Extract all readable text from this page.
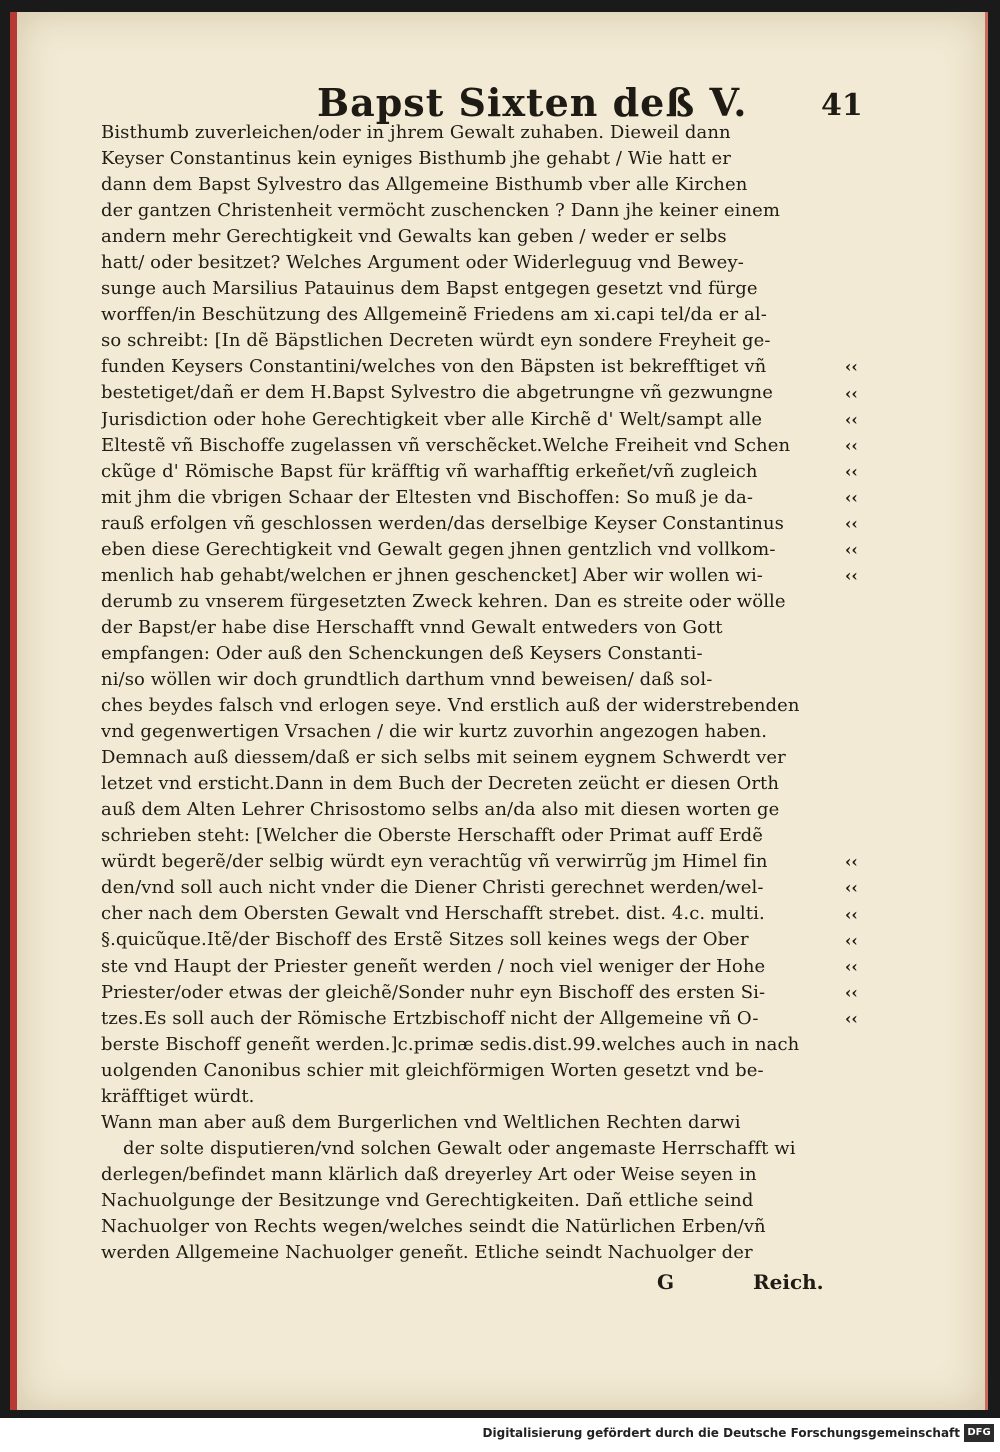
Bapst Sixten deß V. 41
Bisthumb zuverleichen/oder in jhrem Gewalt zuhaben. Dieweil dann
Keyser Constantinus kein eyniges Bisthumb jhe gehabt / Wie hatt er
dann dem Bapst Sylvestro das Allgemeine Bisthumb vber alle Kirchen
der gantzen Christenheit vermöcht zuschencken ? Dann jhe keiner einem
andern mehr Gerechtigkeit vnd Gewalts kan geben / weder er selbs
hatt/ oder besitzet? Welches Argument oder Widerleguug vnd Bewey-
sunge auch Marsilius Patauinus dem Bapst entgegen gesetzt vnd fürge
worffen/in Beschützung des Allgemeinẽ Friedens am xi.capi tel/da er al-
so schreibt: [In dẽ Bäpstlichen Decreten würdt eyn sondere Freyheit ge-
funden Keysers Constantini/welches von den Bäpsten ist bekrefftiget vñ
bestetiget/dañ er dem H.Bapst Sylvestro die abgetrungne vñ gezwungne
Jurisdiction oder hohe Gerechtigkeit vber alle Kirchẽ d' Welt/sampt alle
Eltestẽ vñ Bischoffe zugelassen vñ verschẽcket.Welche Freiheit vnd Schen
ckũge d' Römische Bapst für kräfftig vñ warhafftig erkeñet/vñ zugleich
mit jhm die vbrigen Schaar der Eltesten vnd Bischoffen: So muß je da-
rauß erfolgen vñ geschlossen werden/das derselbige Keyser Constantinus
eben diese Gerechtigkeit vnd Gewalt gegen jhnen gentzlich vnd vollkom-
menlich hab gehabt/welchen er jhnen geschencket] Aber wir wollen wi-
derumb zu vnserem fürgesetzten Zweck kehren. Dan es streite oder wölle
der Bapst/er habe dise Herschafft vnnd Gewalt entweders von Gott
empfangen: Oder auß den Schenckungen deß Keysers Constanti-
ni/so wöllen wir doch grundtlich darthum vnnd beweisen/ daß sol-
ches beydes falsch vnd erlogen seye. Vnd erstlich auß der widerstrebenden
vnd gegenwertigen Vrsachen / die wir kurtz zuvorhin angezogen haben.
Demnach auß diessem/daß er sich selbs mit seinem eygnem Schwerdt ver
letzet vnd ersticht.Dann in dem Buch der Decreten zeücht er diesen Orth
auß dem Alten Lehrer Chrisostomo selbs an/da also mit diesen worten ge
schrieben steht: [Welcher die Oberste Herschafft oder Primat auff Erdẽ
würdt begerẽ/der selbig würdt eyn verachtũg vñ verwirrũg jm Himel fin
den/vnd soll auch nicht vnder die Diener Christi gerechnet werden/wel-
cher nach dem Obersten Gewalt vnd Herschafft strebet. dist. 4.c. multi.
§.quicũque.Itẽ/der Bischoff des Erstẽ Sitzes soll keines wegs der Ober
ste vnd Haupt der Priester geneñt werden / noch viel weniger der Hohe
Priester/oder etwas der gleichẽ/Sonder nuhr eyn Bischoff des ersten Si-
tzes.Es soll auch der Römische Ertzbischoff nicht der Allgemeine vñ O-
berste Bischoff geneñt werden.]c.primæ sedis.dist.99.welches auch in nach
uolgenden Canonibus schier mit gleichförmigen Worten gesetzt vnd be-
kräfftiget würdt.
Wann man aber auß dem Burgerlichen vnd Weltlichen Rechten darwi
der solte disputieren/vnd solchen Gewalt oder angemaste Herrschafft wi
derlegen/befindet mann klärlich daß dreyerley Art oder Weise seyen in
Nachuolgunge der Besitzunge vnd Gerechtigkeiten. Dañ ettliche seind
Nachuolger von Rechts wegen/welches seindt die Natürlichen Erben/vñ
werden Allgemeine Nachuolger geneñt. Etliche seindt Nachuolger der
‹‹
‹‹
‹‹
‹‹
‹‹
‹‹
‹‹
‹‹
‹‹
‹‹
‹‹
‹‹
‹‹
‹‹
‹‹
‹‹
G	Reich.
Digitalisierung gefördert durch die Deutsche Forschungsgemeinschaft DFG
